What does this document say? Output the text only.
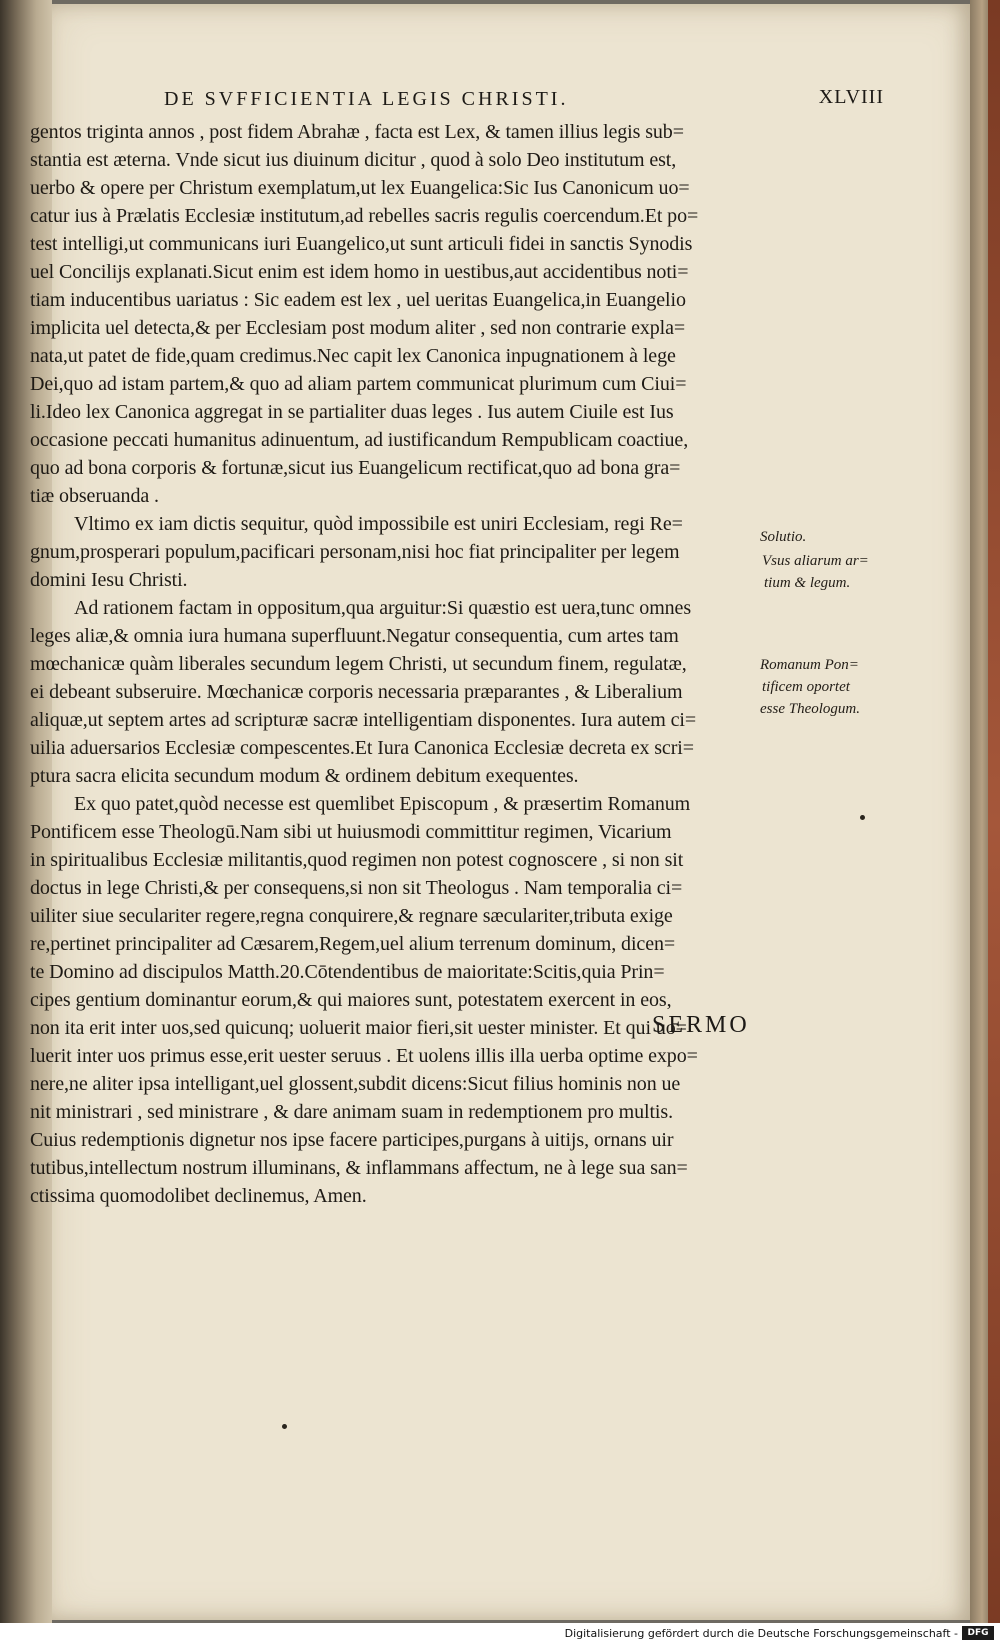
DE SVFFICIENTIA LEGIS CHRISTI.	XLVIII
gentos triginta annos , post fidem Abrahæ , facta est Lex, & tamen illius legis sub=
stantia est æterna. Vnde sicut ius diuinum dicitur , quod à solo Deo institutum est,
uerbo & opere per Christum exemplatum,ut lex Euangelica:Sic Ius Canonicum uo=
catur ius à Prælatis Ecclesiæ institutum,ad rebelles sacris regulis coercendum.Et po=
test intelligi,ut communicans iuri Euangelico,ut sunt articuli fidei in sanctis Synodis
uel Concilijs explanati.Sicut enim est idem homo in uestibus,aut accidentibus noti=
tiam inducentibus uariatus : Sic eadem est lex , uel ueritas Euangelica,in Euangelio
implicita uel detecta,& per Ecclesiam post modum aliter , sed non contrarie expla=
nata,ut patet de fide,quam credimus.Nec capit lex Canonica inpugnationem à lege
Dei,quo ad istam partem,& quo ad aliam partem communicat plurimum cum Ciui=
li.Ideo lex Canonica aggregat in se partialiter duas leges . Ius autem Ciuile est Ius
occasione peccati humanitus adinuentum, ad iustificandum Rempublicam coactiue,
quo ad bona corporis & fortunæ,sicut ius Euangelicum rectificat,quo ad bona gra=
tiæ obseruanda .
Vltimo ex iam dictis sequitur, quòd impossibile est uniri Ecclesiam, regi Re=
gnum,prosperari populum,pacificari personam,nisi hoc fiat principaliter per legem
domini Iesu Christi.
Ad rationem factam in oppositum,qua arguitur:Si quæstio est uera,tunc omnes
leges aliæ,& omnia iura humana superfluunt.Negatur consequentia, cum artes tam
mœchanicæ quàm liberales secundum legem Christi, ut secundum finem, regulatæ,
ei debeant subseruire. Mœchanicæ corporis necessaria præparantes , & Liberalium
aliquæ,ut septem artes ad scripturæ sacræ intelligentiam disponentes. Iura autem ci=
uilia aduersarios Ecclesiæ compescentes.Et Iura Canonica Ecclesiæ decreta ex scri=
ptura sacra elicita secundum modum & ordinem debitum exequentes.
Ex quo patet,quòd necesse est quemlibet Episcopum , & præsertim Romanum
Pontificem esse Theologū.Nam sibi ut huiusmodi committitur regimen, Vicarium
in spiritualibus Ecclesiæ militantis,quod regimen non potest cognoscere , si non sit
doctus in lege Christi,& per consequens,si non sit Theologus . Nam temporalia ci=
uiliter siue seculariter regere,regna conquirere,& regnare sæculariter,tributa exige
re,pertinet principaliter ad Cæsarem,Regem,uel alium terrenum dominum, dicen=
te Domino ad discipulos Matth.20.Cōtendentibus de maioritate:Scitis,quia Prin=
cipes gentium dominantur eorum,& qui maiores sunt, potestatem exercent in eos,
non ita erit inter uos,sed quicunq; uoluerit maior fieri,sit uester minister. Et qui uo=
luerit inter uos primus esse,erit uester seruus . Et uolens illis illa uerba optime expo=
nere,ne aliter ipsa intelligant,uel glossent,subdit dicens:Sicut filius hominis non ue
nit ministrari , sed ministrare , & dare animam suam in redemptionem pro multis.
Cuius redemptionis dignetur nos ipse facere participes,purgans à uitijs, ornans uir
tutibus,intellectum nostrum illuminans, & inflammans affectum, ne à lege sua san=
ctissima quomodolibet declinemus, Amen.
Solutio.
Vsus aliarum ar=
tium & legum.
Romanum Pon=
tificem oportet
esse Theologum.
SERMO
Digitalisierung gefördert durch die Deutsche Forschungsgemeinschaft -	DFG
